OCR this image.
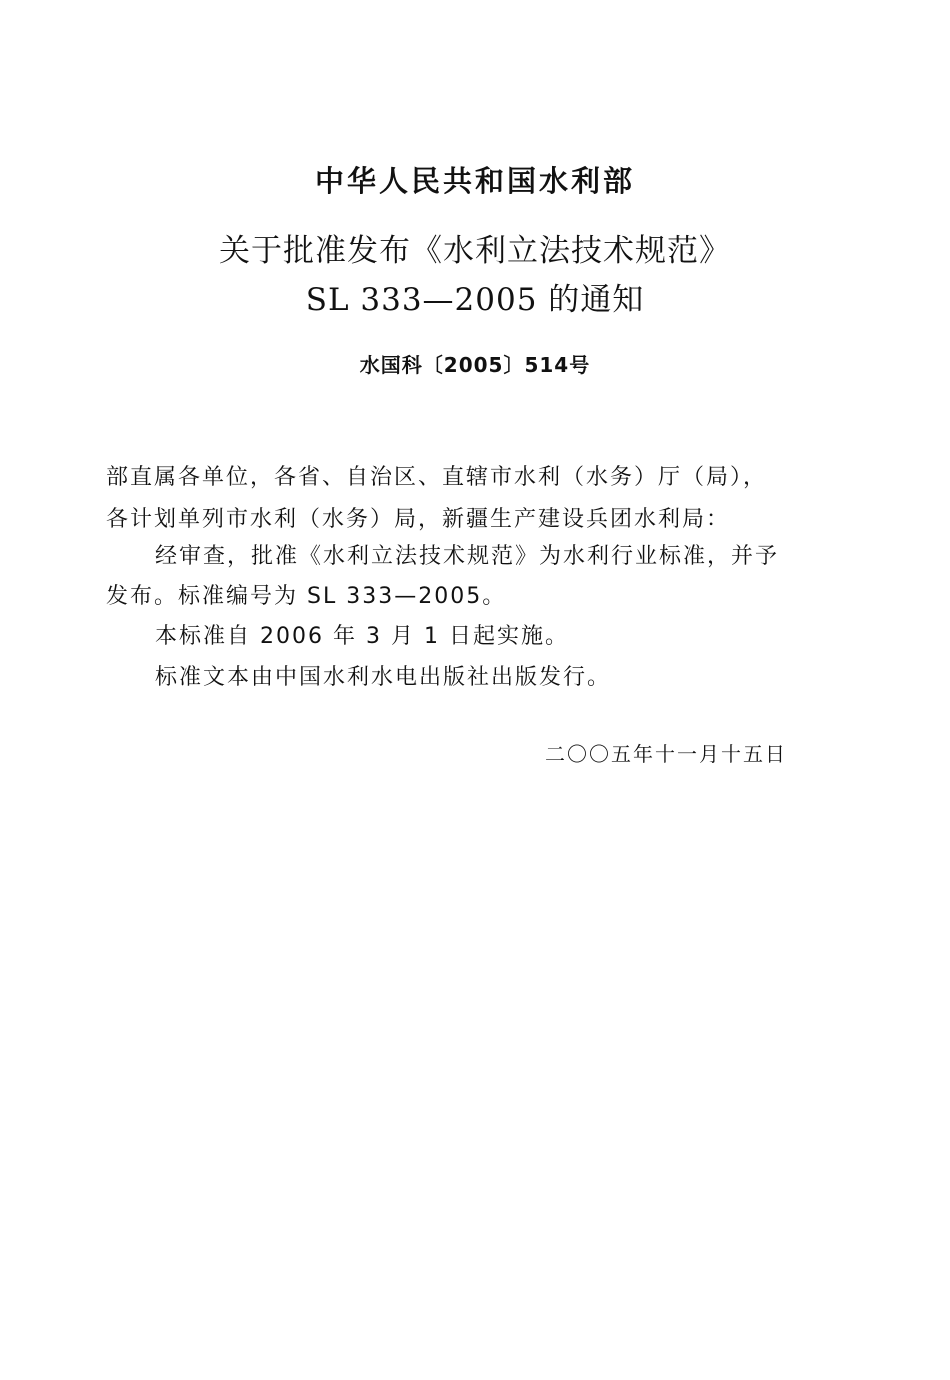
中华人民共和国水利部
关于批准发布《水利立法技术规范》
SL 333—2005 的通知
水国科〔2005〕514号
部直属各单位，各省、自治区、直辖市水利（水务）厅（局），
各计划单列市水利（水务）局，新疆生产建设兵团水利局：
经审查，批准《水利立法技术规范》为水利行业标准，并予
发布。标准编号为 SL 333—2005。
本标准自 2006 年 3 月 1 日起实施。
标准文本由中国水利水电出版社出版发行。
二〇〇五年十一月十五日
